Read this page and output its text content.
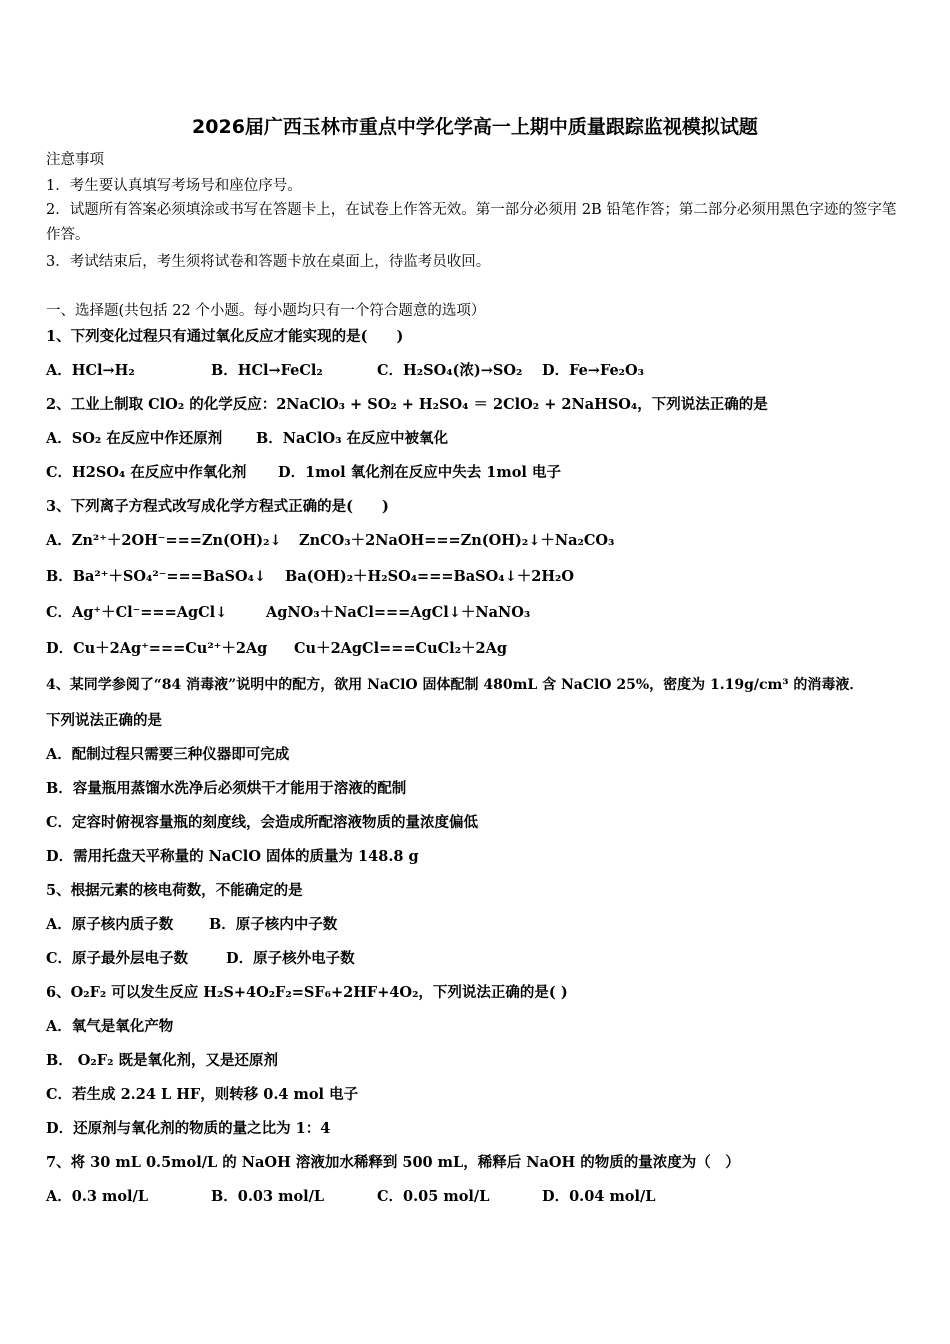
2026届广西玉林市重点中学化学高一上期中质量跟踪监视模拟试题
注意事项
1．考生要认真填写考场号和座位序号。
2．试题所有答案必须填涂或书写在答题卡上，在试卷上作答无效。第一部分必须用 2B 铅笔作答；第二部分必须用黑色字迹的签字笔作答。
3．考试结束后，考生须将试卷和答题卡放在桌面上，待监考员收回。
一、选择题(共包括 22 个小题。每小题均只有一个符合题意的选项）
1、下列变化过程只有通过氧化反应才能实现的是(　　)
A．HCl→H₂	B．HCl→FeCl₂	C．H₂SO₄(浓)→SO₂ D．Fe→Fe₂O₃
2、工业上制取 ClO₂ 的化学反应：2NaClO₃ + SO₂ + H₂SO₄ ＝ 2ClO₂ + 2NaHSO₄，下列说法正确的是
A．SO₂ 在反应中作还原剂 B．NaClO₃ 在反应中被氧化
C．H2SO₄ 在反应中作氧化剂 D．1mol 氧化剂在反应中失去 1mol 电子
3、下列离子方程式改写成化学方程式正确的是(　　)
A．Zn²⁺＋2OH⁻===Zn(OH)₂↓ ZnCO₃＋2NaOH===Zn(OH)₂↓＋Na₂CO₃
B．Ba²⁺＋SO₄²⁻===BaSO₄↓ Ba(OH)₂＋H₂SO₄===BaSO₄↓＋2H₂O
C．Ag⁺＋Cl⁻===AgCl↓	AgNO₃＋NaCl===AgCl↓＋NaNO₃
D．Cu＋2Ag⁺===Cu²⁺＋2Ag Cu＋2AgCl===CuCl₂＋2Ag
4、某同学参阅了“84 消毒液”说明中的配方，欲用 NaClO 固体配制 480mL 含 NaClO 25%，密度为 1.19g/cm³ 的消毒液．
下列说法正确的是
A．配制过程只需要三种仪器即可完成
B．容量瓶用蒸馏水洗净后必须烘干才能用于溶液的配制
C．定容时俯视容量瓶的刻度线，会造成所配溶液物质的量浓度偏低
D．需用托盘天平称量的 NaClO 固体的质量为 148.8 g
5、根据元素的核电荷数，不能确定的是
A．原子核内质子数 B．原子核内中子数
C．原子最外层电子数	D．原子核外电子数
6、O₂F₂ 可以发生反应 H₂S+4O₂F₂=SF₆+2HF+4O₂，下列说法正确的是( )
A．氧气是氧化产物
B． O₂F₂ 既是氧化剂，又是还原剂
C．若生成 2.24 L HF，则转移 0.4 mol 电子
D．还原剂与氧化剂的物质的量之比为 1：4
7、将 30 mL 0.5mol/L 的 NaOH 溶液加水稀释到 500 mL，稀释后 NaOH 的物质的量浓度为（　）
A．0.3 mol/L	B．0.03 mol/L	C．0.05 mol/L	D．0.04 mol/L
